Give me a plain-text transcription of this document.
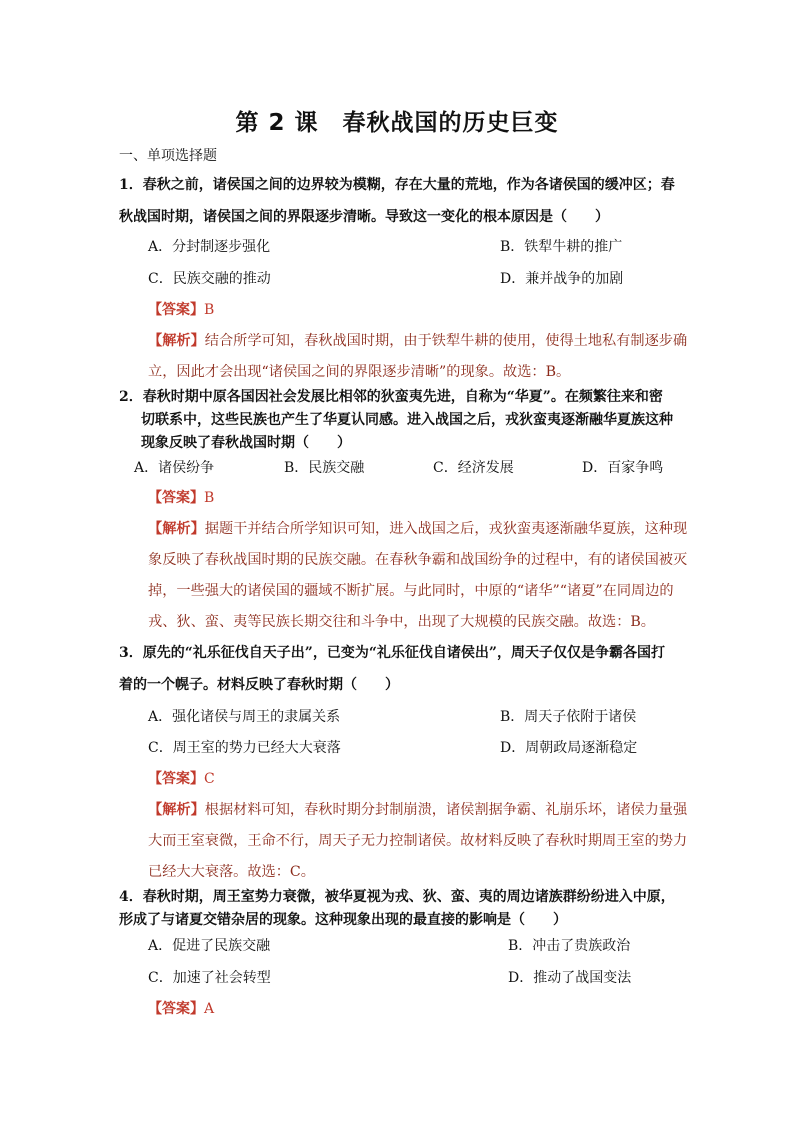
第 2 课　春秋战国的历史巨变
一、单项选择题
1．春秋之前，诸侯国之间的边界较为模糊，存在大量的荒地，作为各诸侯国的缓冲区；春
秋战国时期，诸侯国之间的界限逐步清晰。导致这一变化的根本原因是（　　）
A．分封制逐步强化	B．铁犁牛耕的推广
C．民族交融的推动	D．兼并战争的加剧
【答案】B
【解析】结合所学可知，春秋战国时期，由于铁犁牛耕的使用，使得土地私有制逐步确立，因此才会出现“诸侯国之间的界限逐步清晰”的现象。故选：B。
2．春秋时期中原各国因社会发展比相邻的狄蛮夷先进，自称为“华夏”。在频繁往来和密
切联系中，这些民族也产生了华夏认同感。进入战国之后，戎狄蛮夷逐渐融华夏族这种
现象反映了春秋战国时期（　　）
A．诸侯纷争	B．民族交融	C．经济发展	D．百家争鸣
【答案】B
【解析】据题干并结合所学知识可知，进入战国之后，戎狄蛮夷逐渐融华夏族，这种现象反映了春秋战国时期的民族交融。在春秋争霸和战国纷争的过程中，有的诸侯国被灭掉，一些强大的诸侯国的疆域不断扩展。与此同时，中原的“诸华”“诸夏”在同周边的戎、狄、蛮、夷等民族长期交往和斗争中，出现了大规模的民族交融。故选：B。
3．原先的“礼乐征伐自天子出”，已变为“礼乐征伐自诸侯出”，周天子仅仅是争霸各国打
着的一个幌子。材料反映了春秋时期（　　）
A．强化诸侯与周王的隶属关系	B．周天子依附于诸侯
C．周王室的势力已经大大衰落	D．周朝政局逐渐稳定
【答案】C
【解析】根据材料可知，春秋时期分封制崩溃，诸侯割据争霸、礼崩乐坏，诸侯力量强大而王室衰微，王命不行，周天子无力控制诸侯。故材料反映了春秋时期周王室的势力已经大大衰落。故选：C。
4．春秋时期，周王室势力衰微，被华夏视为戎、狄、蛮、夷的周边诸族群纷纷进入中原，
形成了与诸夏交错杂居的现象。这种现象出现的最直接的影响是（　　）
A．促进了民族交融	B．冲击了贵族政治
C．加速了社会转型	D．推动了战国变法
【答案】A
